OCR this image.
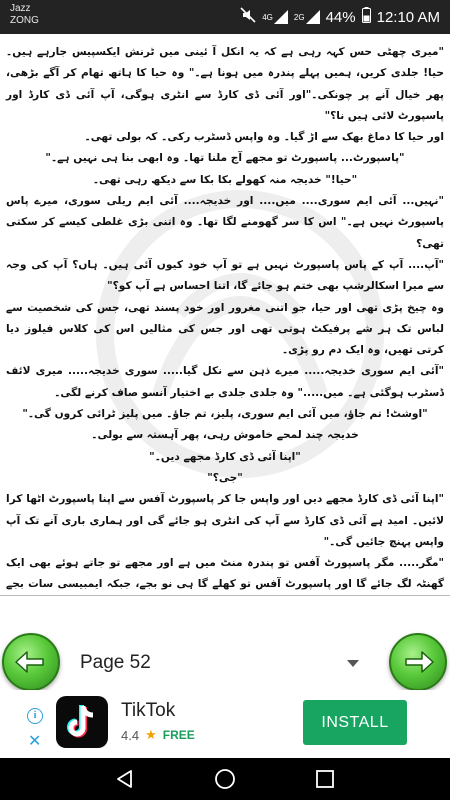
Jazz
ZONG	4G	2G 44% 12:10 AM

"میری چھٹی حس کہہ رہی ہے کہ یہ انکل آ ئینی میں ٹرنش ایکسپیس جارہے ہیں۔ حیا! جلدی کریں، ہمیں پہلے پندرہ میں ہونا ہے۔" وہ حیا کا ہاتھ تھام کر آگے بڑھی، پھر خیال آنے پر چونکی۔"اور آئی ڈی کارڈ سے انٹری ہوگی، آپ آئی ڈی کارڈ اور پاسپورٹ لائی ہیں نا؟"

اور حیا کا دماغ بھک سے اڑ گیا۔ وہ واپس ڈسٹرب رکی۔ کہ بولی تھی۔

"پاسپورٹ... پاسپورٹ تو مجھے آج ملنا تھا۔ وہ ابھی بنا ہی نہیں ہے۔"

"حیا!" خدیجہ منہ کھولے بکا بکا سے دیکھ رہی تھی۔

"نہیں... آئی ایم سوری.... میں.... اور خدیجہ.... آئی ایم ریلی سوری، میرے پاس پاسپورٹ نہیں ہے۔" اس کا سر گھومنے لگا تھا۔ وہ اتنی بڑی غلطی کیسے کر سکتی تھی؟

"آپ.... آپ کے پاس پاسپورٹ نہیں ہے تو آپ خود کیوں آئی ہیں۔ ہاں؟ آپ کی وجہ سے میرا اسکالرشپ بھی ختم ہو جائے گا، اتنا احساس ہے آپ کو؟"

وہ چیخ پڑی تھی اور حیا، جو اتنی مغرور اور خود پسند تھی، جس کی شخصیت سے لباس تک ہر شے پرفیکٹ ہوتی تھی اور جس کی مثالیں اس کی کلاس فیلوز دیا کرتی تھیں، وہ ایک دم رو پڑی۔

"آئی ایم سوری خدیجہ..... میرے ذہن سے نکل گیا..... سوری خدیجہ..... میری لائف ڈسٹرب ہوگئی ہے۔ میں....." وہ جلدی جلدی بے اختیار آنسو صاف کرنے لگی۔

"اوشٹ! تم جاؤ، میں آئی ایم سوری، پلیز، تم جاؤ۔ میں پلیز ٹرائی کروں گی۔"

خدیجہ چند لمحے خاموش رہی، پھر آہستہ سے بولی۔

"اپنا آئی ڈی کارڈ مجھے دیں۔"

"جی؟"

"اپنا آئی ڈی کارڈ مجھے دیں اور واپس جا کر پاسپورٹ آفس سے اپنا پاسپورٹ اٹھا کرا لائیں۔ امید ہے آئی ڈی کارڈ سے آپ کی انٹری ہو جائے گی اور ہماری باری آنے تک آپ واپس پہنچ جائیں گی۔"

"مگر..... مگر پاسپورٹ آفس تو پندرہ منٹ میں ہے اور مجھے تو جاتے ہوئے بھی ایک گھنٹہ لگ جائے گا اور پاسپورٹ آفس تو کھلے گا ہی نو بجے، جبکہ ایمبیسی سات بجے

Page 52
i
✕
TikTok
4.4 ★ FREE
INSTALL
